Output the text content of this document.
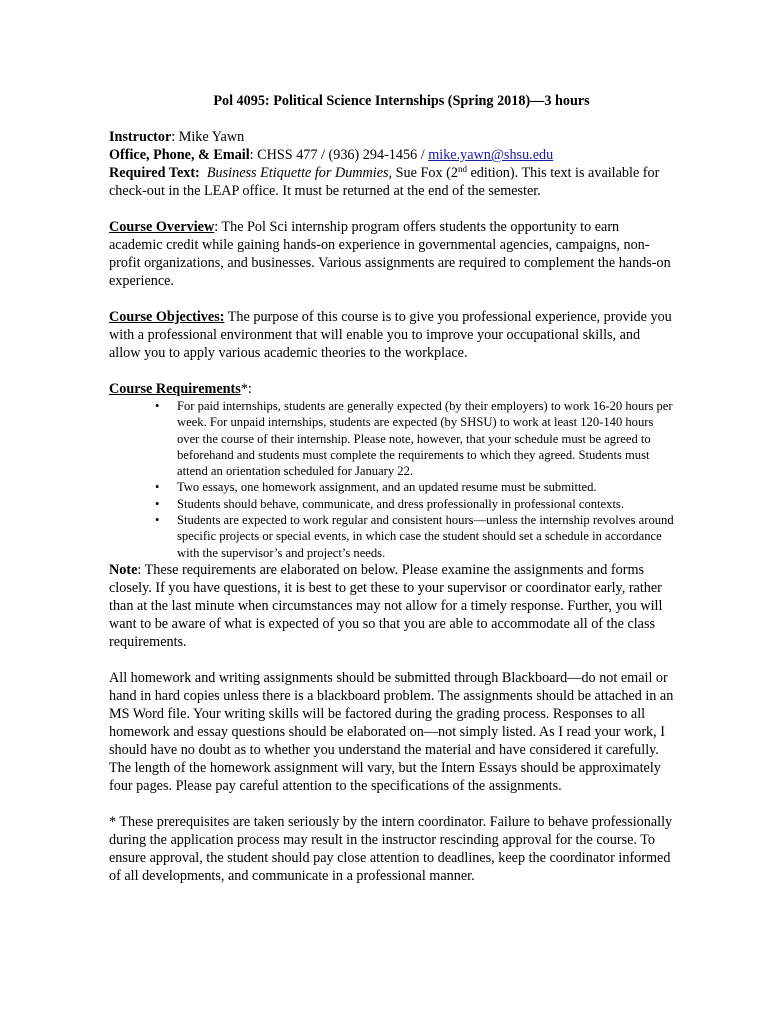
Pol 4095: Political Science Internships (Spring 2018)—3 hours

Instructor: Mike Yawn

Office, Phone, & Email: CHSS 477 / (936) 294-1456 / mike.yawn@shsu.edu

Required Text: Business Etiquette for Dummies, Sue Fox (2nd edition). This text is available for check-out in the LEAP office. It must be returned at the end of the semester.

Course Overview: The Pol Sci internship program offers students the opportunity to earn academic credit while gaining hands-on experience in governmental agencies, campaigns, non-profit organizations, and businesses. Various assignments are required to complement the hands-on experience.

Course Objectives: The purpose of this course is to give you professional experience, provide you with a professional environment that will enable you to improve your occupational skills, and allow you to apply various academic theories to the workplace.

Course Requirements*:

• For paid internships, students are generally expected (by their employers) to work 16-20 hours per week. For unpaid internships, students are expected (by SHSU) to work at least 120-140 hours over the course of their internship. Please note, however, that your schedule must be agreed to beforehand and students must complete the requirements to which they agreed. Students must attend an orientation scheduled for January 22.
• Two essays, one homework assignment, and an updated resume must be submitted.
• Students should behave, communicate, and dress professionally in professional contexts.
• Students are expected to work regular and consistent hours—unless the internship revolves around specific projects or special events, in which case the student should set a schedule in accordance with the supervisor’s and project’s needs.

Note: These requirements are elaborated on below. Please examine the assignments and forms closely. If you have questions, it is best to get these to your supervisor or coordinator early, rather than at the last minute when circumstances may not allow for a timely response. Further, you will want to be aware of what is expected of you so that you are able to accommodate all of the class requirements.

All homework and writing assignments should be submitted through Blackboard—do not email or hand in hard copies unless there is a blackboard problem. The assignments should be attached in an MS Word file. Your writing skills will be factored during the grading process. Responses to all homework and essay questions should be elaborated on—not simply listed. As I read your work, I should have no doubt as to whether you understand the material and have considered it carefully. The length of the homework assignment will vary, but the Intern Essays should be approximately four pages. Please pay careful attention to the specifications of the assignments.

* These prerequisites are taken seriously by the intern coordinator. Failure to behave professionally during the application process may result in the instructor rescinding approval for the course. To ensure approval, the student should pay close attention to deadlines, keep the coordinator informed of all developments, and communicate in a professional manner.
